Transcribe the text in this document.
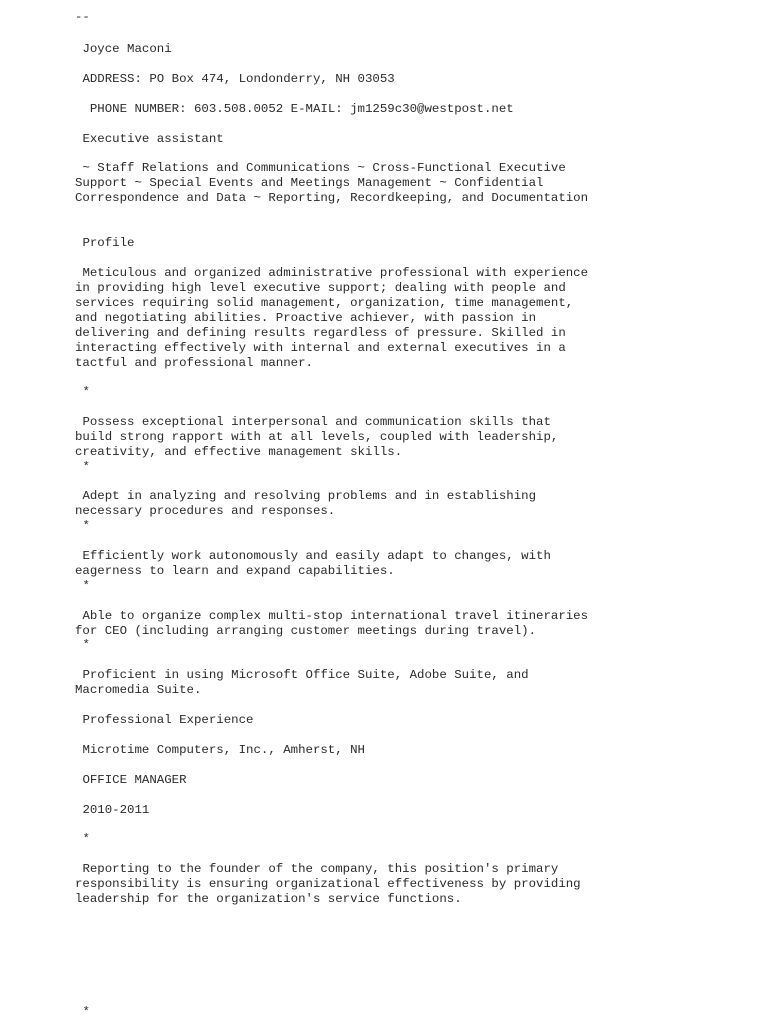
--

Joyce Maconi

ADDRESS: PO Box 474, Londonderry, NH 03053

PHONE NUMBER: 603.508.0052 E-MAIL: jm1259c30@westpost.net

Executive assistant

~ Staff Relations and Communications ~ Cross-Functional Executive
Support ~ Special Events and Meetings Management ~ Confidential
Correspondence and Data ~ Reporting, Recordkeeping, and Documentation

Profile

Meticulous and organized administrative professional with experience
in providing high level executive support; dealing with people and
services requiring solid management, organization, time management,
and negotiating abilities. Proactive achiever, with passion in
delivering and defining results regardless of pressure. Skilled in
interacting effectively with internal and external executives in a
tactful and professional manner.

*

Possess exceptional interpersonal and communication skills that
build strong rapport with at all levels, coupled with leadership,
creativity, and effective management skills.

*

Adept in analyzing and resolving problems and in establishing
necessary procedures and responses.

*

Efficiently work autonomously and easily adapt to changes, with
eagerness to learn and expand capabilities.

*

Able to organize complex multi-stop international travel itineraries
for CEO (including arranging customer meetings during travel).

*

Proficient in using Microsoft Office Suite, Adobe Suite, and
Macromedia Suite.

Professional Experience

Microtime Computers, Inc., Amherst, NH

OFFICE MANAGER

2010-2011

*

Reporting to the founder of the company, this position's primary
responsibility is ensuring organizational effectiveness by providing
leadership for the organization's service functions.

*
